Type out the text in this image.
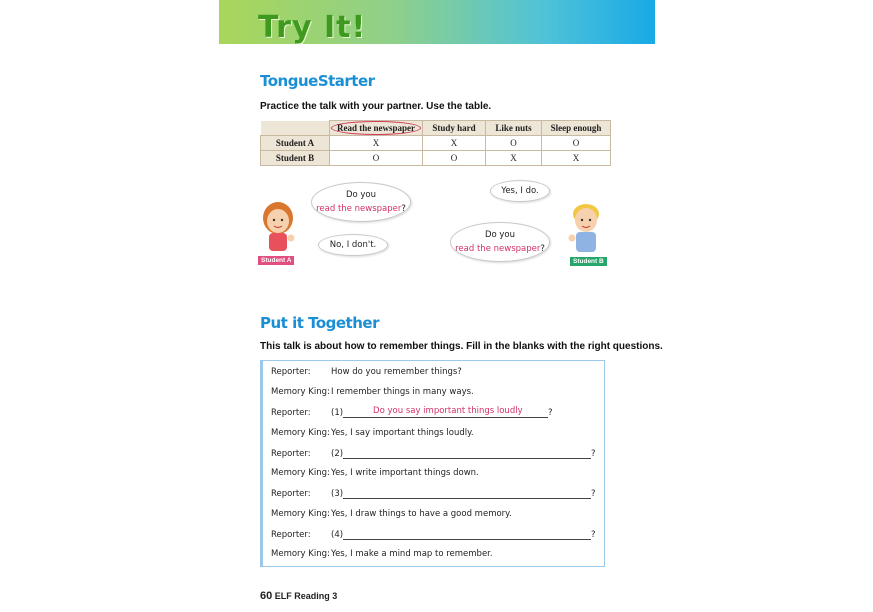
Try It!
TongueStarter
Practice the talk with your partner. Use the table.
	Read the newspaper	Study hard	Like nuts	Sleep enough
Student A	X	X	O	O
Student B	O	O	X	X
Student A
Do you
read the newspaper?
No, I don't.
Student B
Yes, I do.
Do you
read the newspaper?
Put it Together
This talk is about how to remember things. Fill in the blanks with the right questions.
Reporter: How do you remember things?
Memory King:I remember things in many ways.
Reporter: (1)	Do you say important things loudly	?
Memory King:Yes, I say important things loudly.
Reporter: (2)	?
Memory King:Yes, I write important things down.
Reporter: (3)	?
Memory King:Yes, I draw things to have a good memory.
Reporter: (4)	?
Memory King:Yes, I make a mind map to remember.
60 ELF Reading 3
